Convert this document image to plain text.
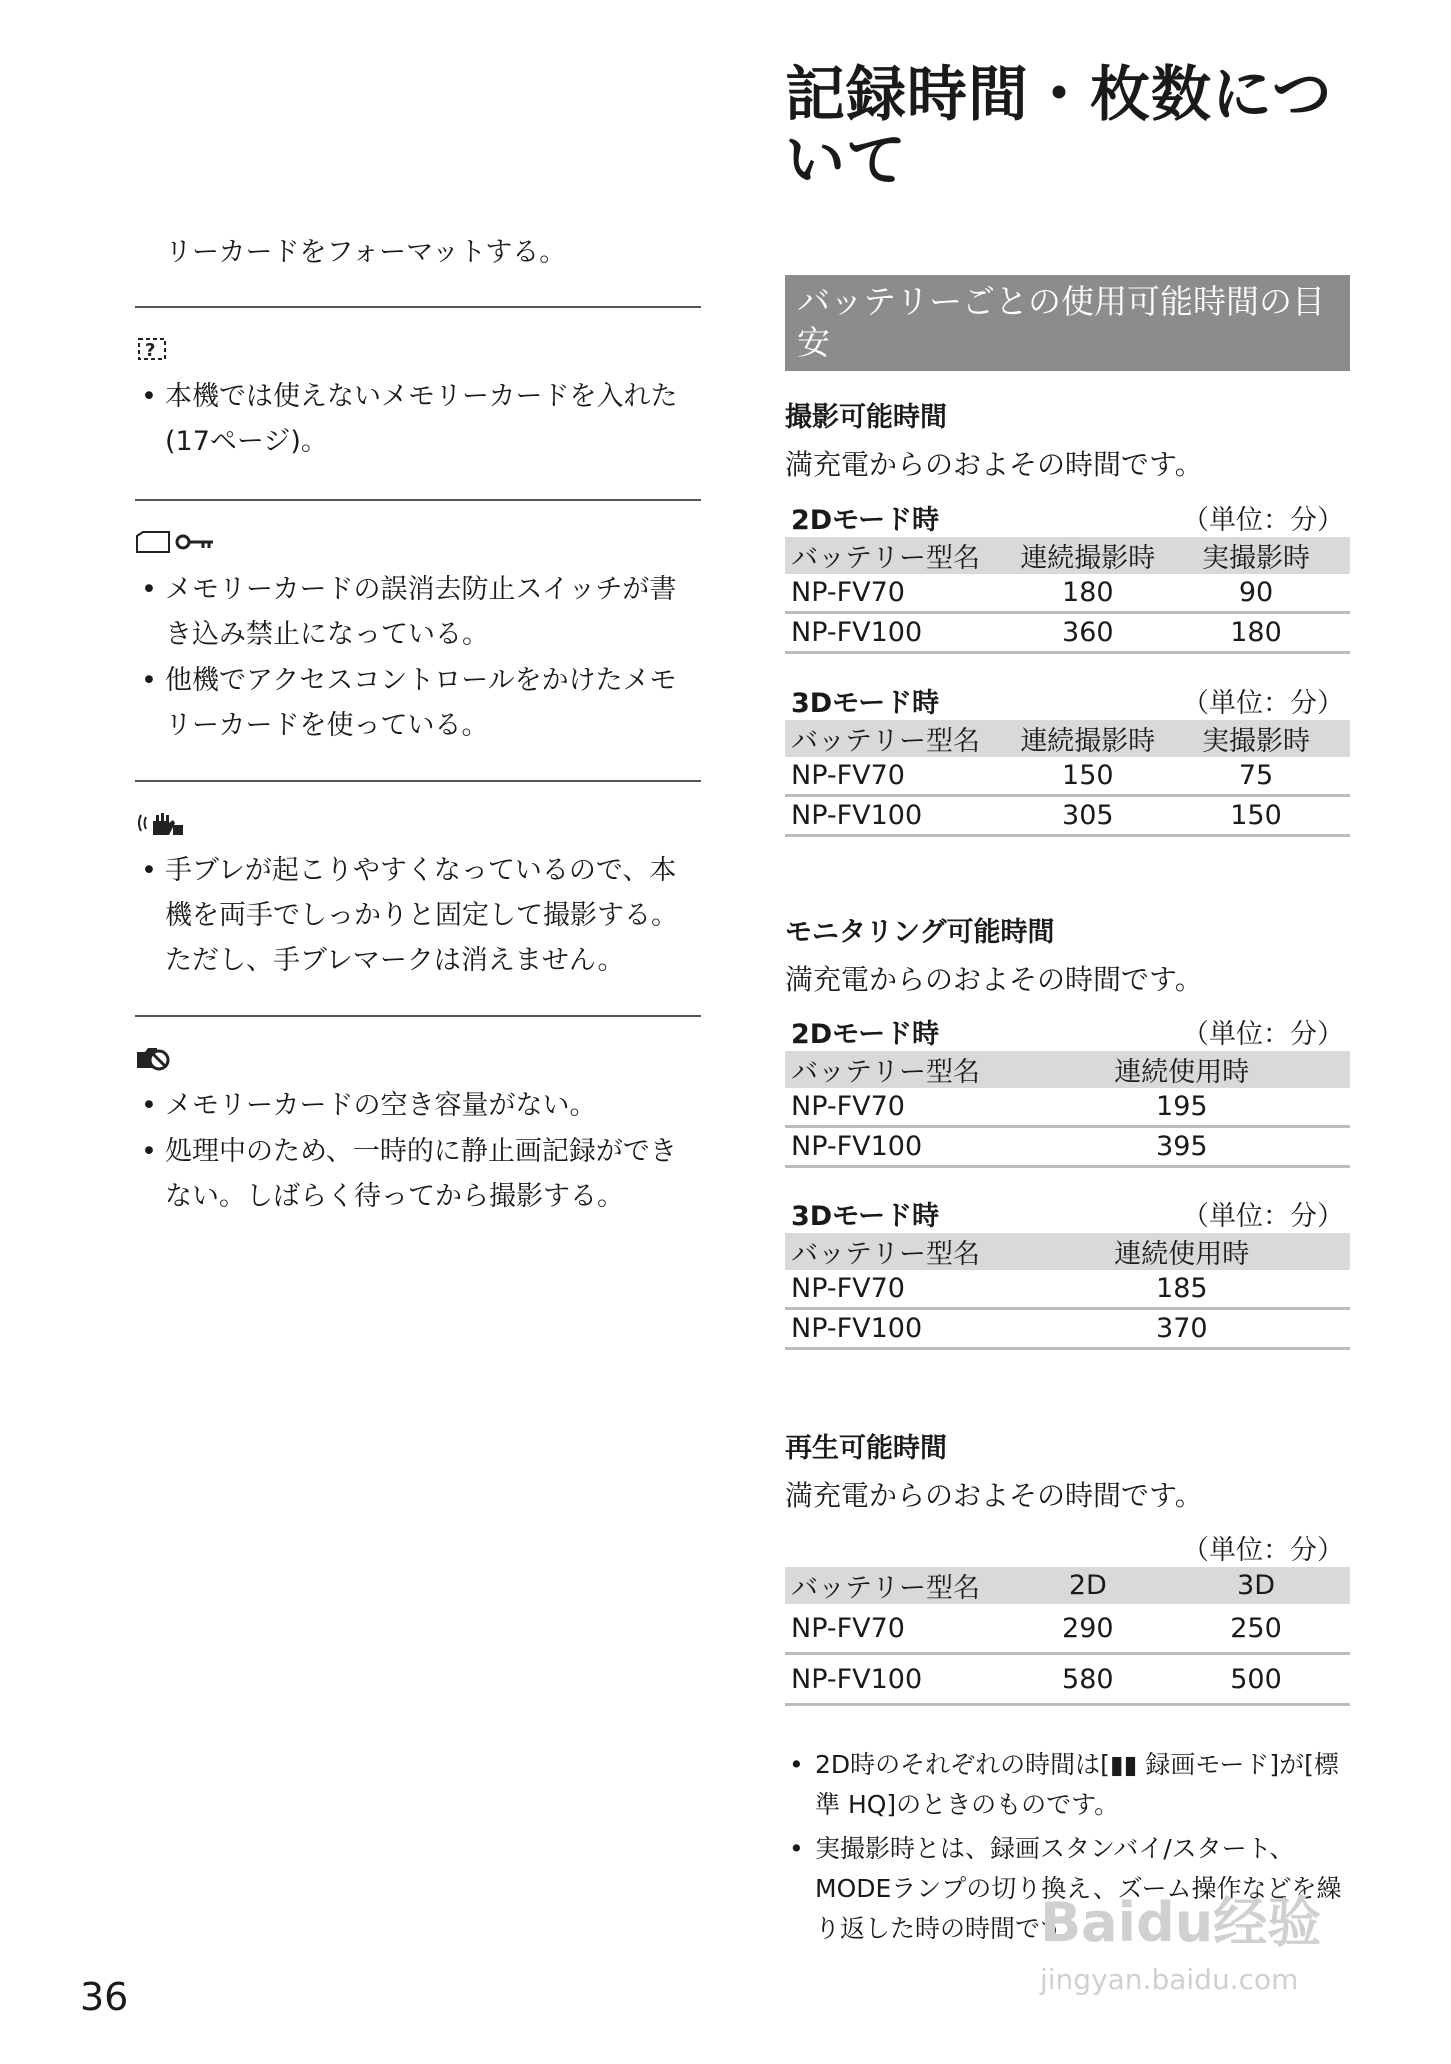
リーカードをフォーマットする。
?
• 本機では使えないメモリーカードを入れた(17ページ)。
• メモリーカードの誤消去防止スイッチが書き込み禁止になっている。
• 他機でアクセスコントロールをかけたメモリーカードを使っている。
• 手ブレが起こりやすくなっているので、本機を両手でしっかりと固定して撮影する。ただし、手ブレマークは消えません。
• メモリーカードの空き容量がない。
• 処理中のため、一時的に静止画記録ができない。しばらく待ってから撮影する。
記録時間・枚数について
バッテリーごとの使用可能時間の目安
撮影可能時間
満充電からのおよその時間です。
2Dモード時	（単位：分）
バッテリー型名	連続撮影時	実撮影時
NP-FV70	180	90
NP-FV100	360	180
3Dモード時	（単位：分）
バッテリー型名	連続撮影時	実撮影時
NP-FV70	150	75
NP-FV100	305	150
モニタリング可能時間
満充電からのおよその時間です。
2Dモード時	（単位：分）
バッテリー型名	連続使用時
NP-FV70	195
NP-FV100	395
3Dモード時	（単位：分）
バッテリー型名	連続使用時
NP-FV70	185
NP-FV100	370
再生可能時間
満充電からのおよその時間です。
（単位：分）
バッテリー型名	2D	3D
NP-FV70	290	250
NP-FV100	580	500
• 2D時のそれぞれの時間は[▮▮ 録画モード]が[標準 HQ]のときのものです。
• 実撮影時とは、録画スタンバイ/スタート、MODEランプの切り換え、ズーム操作などを繰り返した時の時間です。
36
Baidu经验
jingyan.baidu.com
